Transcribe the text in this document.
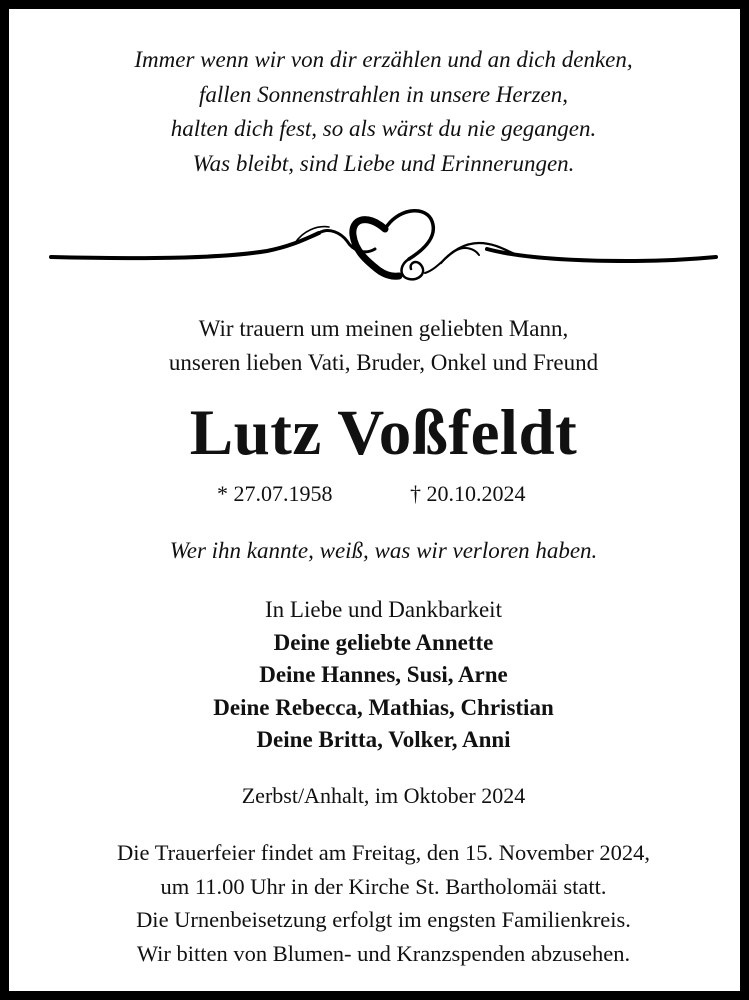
Immer wenn wir von dir erzählen und an dich denken,
fallen Sonnenstrahlen in unsere Herzen,
halten dich fest, so als wärst du nie gegangen.
Was bleibt, sind Liebe und Erinnerungen.
Wir trauern um meinen geliebten Mann,
unseren lieben Vati, Bruder, Onkel und Freund
Lutz Voßfeldt
* 27.07.1958	† 20.10.2024
Wer ihn kannte, weiß, was wir verloren haben.
In Liebe und Dankbarkeit
Deine geliebte Annette
Deine Hannes, Susi, Arne
Deine Rebecca, Mathias, Christian
Deine Britta, Volker, Anni
Zerbst/Anhalt, im Oktober 2024
Die Trauerfeier findet am Freitag, den 15. November 2024,
um 11.00 Uhr in der Kirche St. Bartholomäi statt.
Die Urnenbeisetzung erfolgt im engsten Familienkreis.
Wir bitten von Blumen- und Kranzspenden abzusehen.
